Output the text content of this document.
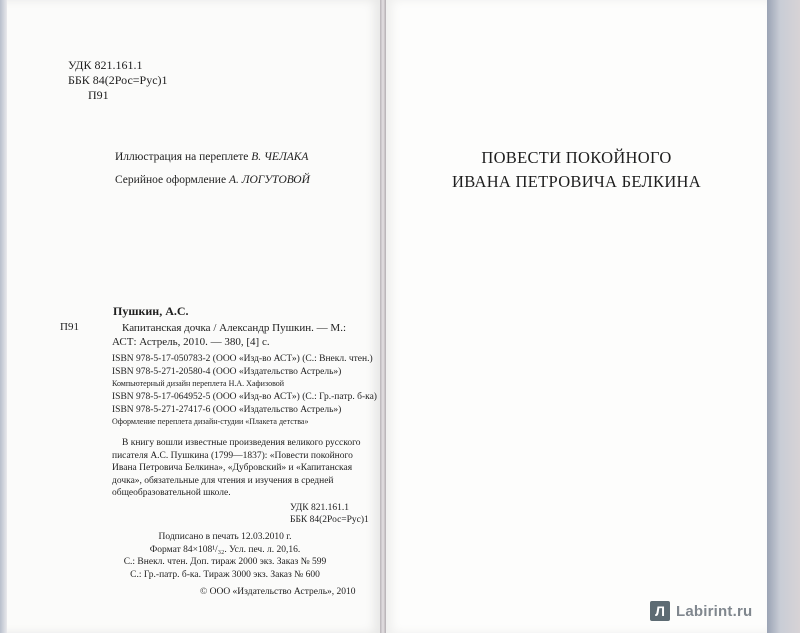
УДК 821.161.1
ББК 84(2Рос=Рус)1
П91
Иллюстрация на переплете В. ЧЕЛАКА
Серийное оформление А. ЛОГУТОВОЙ
Пушкин, А.С.
П91	Капитанская дочка / Александр Пушкин. — М.: АСТ: Астрель, 2010. — 380, [4] с.
ISBN 978-5-17-050783-2 (ООО «Изд-во АСТ») (С.: Внекл. чтен.)
ISBN 978-5-271-20580-4 (ООО «Издательство Астрель»)
Компьютерный дизайн переплета Н.А. Хафизовой
ISBN 978-5-17-064952-5 (ООО «Изд-во АСТ») (С.: Гр.-патр. б-ка)
ISBN 978-5-271-27417-6 (ООО «Издательство Астрель»)
Оформление переплета дизайн-студии «Плакета детства»
В книгу вошли известные произведения великого русского писателя А.С. Пушкина (1799—1837): «Повести покойного Ивана Петровича Белкина», «Дубровский» и «Капитанская дочка», обязательные для чтения и изучения в средней общеобразовательной школе.
УДК 821.161.1
ББК 84(2Рос=Рус)1
Подписано в печать 12.03.2010 г.
Формат 84×108¹/₃₂. Усл. печ. л. 20,16.
С.: Внекл. чтен. Доп. тираж 2000 экз. Заказ № 599
С.: Гр.-патр. б-ка. Тираж 3000 экз. Заказ № 600
© ООО «Издательство Астрель», 2010
ПОВЕСТИ ПОКОЙНОГО
ИВАНА ПЕТРОВИЧА БЕЛКИНА
Л Labirint.ru
